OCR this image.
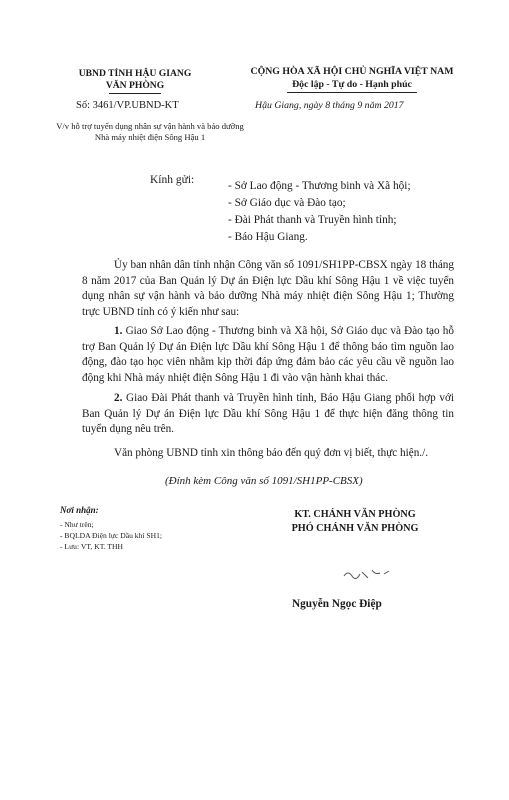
UBND TỈNH HẬU GIANG
VĂN PHÒNG
Số: 3461/VP.UBND-KT
V/v hỗ trợ tuyển dụng nhân sự vận hành và bảo dưỡng Nhà máy nhiệt điện Sông Hậu 1
CỘNG HÒA XÃ HỘI CHỦ NGHĨA VIỆT NAM
Độc lập - Tự do - Hạnh phúc
Hậu Giang, ngày 8 tháng 9 năm 2017
Kính gửi:	- Sở Lao động - Thương binh và Xã hội;
- Sở Giáo dục và Đào tạo;
- Đài Phát thanh và Truyền hình tỉnh;
- Báo Hậu Giang.
Ủy ban nhân dân tỉnh nhận Công văn số 1091/SH1PP-CBSX ngày 18 tháng 8 năm 2017 của Ban Quản lý Dự án Điện lực Dầu khí Sông Hậu 1 về việc tuyển dụng nhân sự vận hành và bảo dưỡng Nhà máy nhiệt điện Sông Hậu 1; Thường trực UBND tỉnh có ý kiến như sau:
1. Giao Sở Lao động - Thương binh và Xã hội, Sở Giáo dục và Đào tạo hỗ trợ Ban Quản lý Dự án Điện lực Dầu khí Sông Hậu 1 để thông báo tìm nguồn lao động, đào tạo học viên nhằm kịp thời đáp ứng đảm bảo các yêu cầu về nguồn lao động khi Nhà máy nhiệt điện Sông Hậu 1 đi vào vận hành khai thác.
2. Giao Đài Phát thanh và Truyền hình tỉnh, Báo Hậu Giang phối hợp với Ban Quản lý Dự án Điện lực Dầu khí Sông Hậu 1 để thực hiện đăng thông tin tuyển dụng nêu trên.
Văn phòng UBND tỉnh xin thông báo đến quý đơn vị biết, thực hiện./.
(Đính kèm Công văn số 1091/SH1PP-CBSX)
Nơi nhận:
- Như trên;
- BQLDA Điện lực Dầu khí SH1;
- Lưu: VT, KT. THH
KT. CHÁNH VĂN PHÒNG
PHÓ CHÁNH VĂN PHÒNG
Nguyễn Ngọc Điệp
